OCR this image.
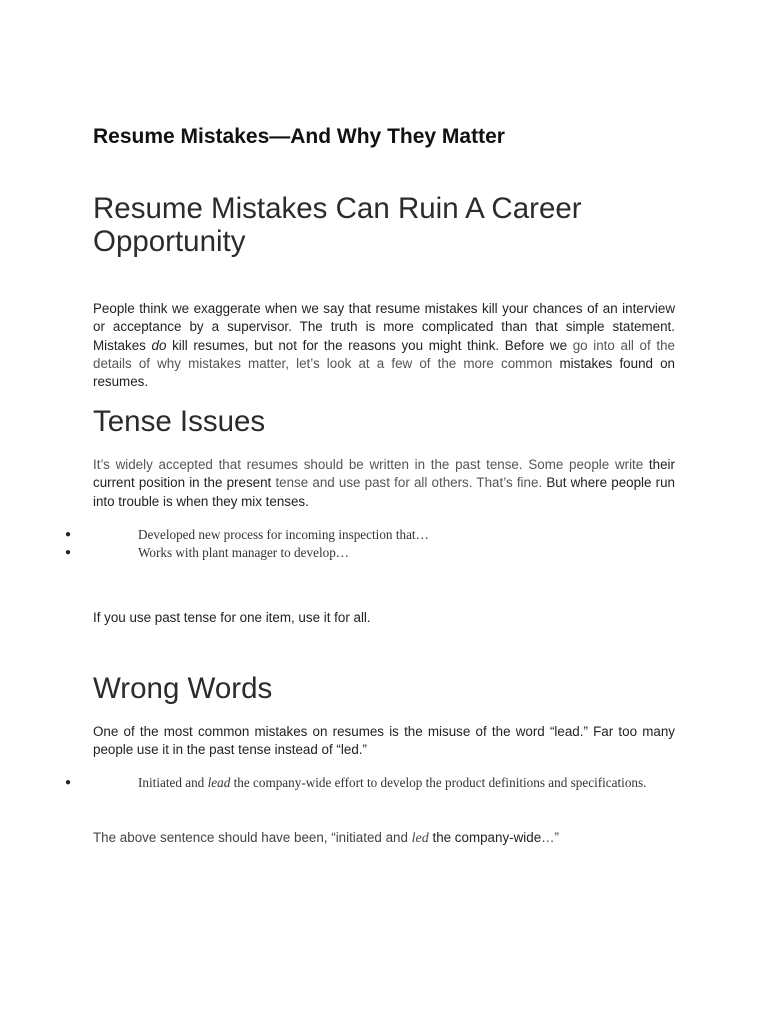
Resume Mistakes—And Why They Matter
Resume Mistakes Can Ruin A Career Opportunity

People think we exaggerate when we say that resume mistakes kill your chances of an interview or acceptance by a supervisor. The truth is more complicated than that simple statement. Mistakes do kill resumes, but not for the reasons you might think. Before we go into all of the details of why mistakes matter, let’s look at a few of the more common mistakes found on resumes.

Tense Issues

It’s widely accepted that resumes should be written in the past tense. Some people write their current position in the present tense and use past for all others. That’s fine. But where people run into trouble is when they mix tenses.

●	Developed new process for incoming inspection that…
●	Works with plant manager to develop…

If you use past tense for one item, use it for all.

Wrong Words

One of the most common mistakes on resumes is the misuse of the word “lead.” Far too many people use it in the past tense instead of “led.”

●	Initiated and lead the company-wide effort to develop the product definitions and specifications.

The above sentence should have been, “initiated and led the company-wide…”
